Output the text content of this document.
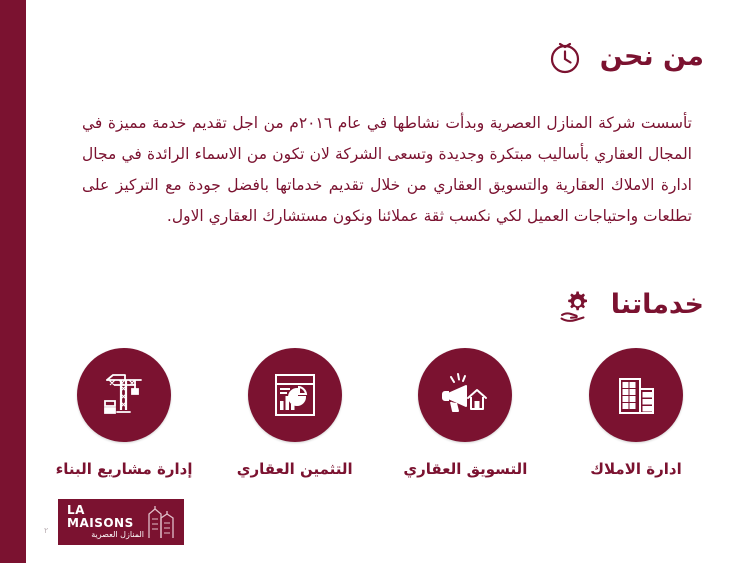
من نحن
تأسست شركة المنازل العصرية وبدأت نشاطها في عام ٢٠١٦م من اجل تقديم خدمة مميزة في المجال العقاري بأساليب مبتكرة وجديدة وتسعى الشركة لان تكون من الاسماء الرائدة في مجال ادارة الاملاك العقارية والتسويق العقاري من خلال تقديم خدماتها بافضل جودة مع التركيز على تطلعات واحتياجات العميل لكي نكسب ثقة عملائنا ونكون مستشارك العقاري الاول.
خدماتنا
ادارة الاملاك
التسويق العقاري
التثمين العقاري
إدارة مشاريع البناء
LA MAISONS
المنازل العصرية
٢
